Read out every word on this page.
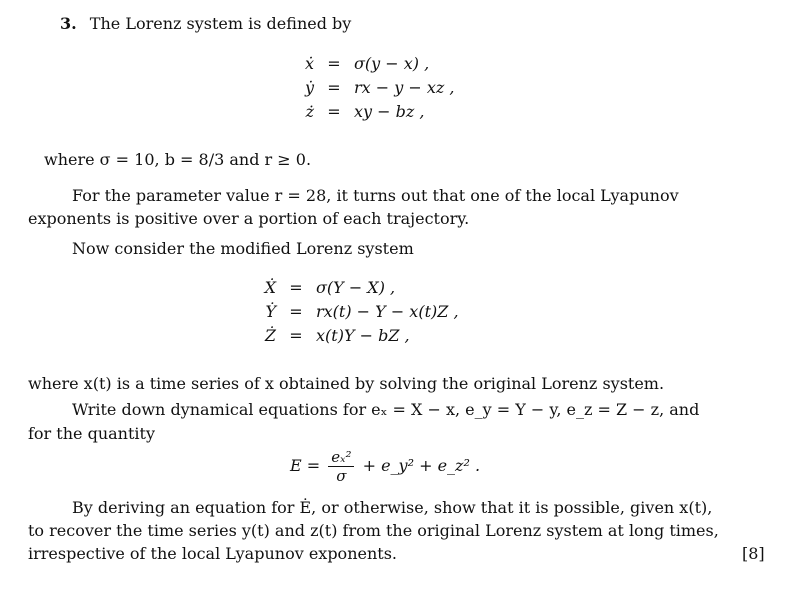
3. The Lorenz system is defined by
ẋ	=	σ(y − x) ,
ẏ	=	rx − y − xz ,
ż	=	xy − bz ,
where σ = 10, b = 8/3 and r ≥ 0.
For the parameter value r = 28, it turns out that one of the local Lyapunov
exponents is positive over a portion of each trajectory.
Now consider the modified Lorenz system
Ẋ	=	σ(Y − X) ,
Ẏ	=	rx(t) − Y − x(t)Z ,
Ż	=	x(t)Y − bZ ,
where x(t) is a time series of x obtained by solving the original Lorenz system.
Write down dynamical equations for eₓ = X − x, e_y = Y − y, e_z = Z − z, and
for the quantity
$E = \frac{\text{eₓ²}}{\sigma}$ + e_y² + e_z² .
By deriving an equation for Ė, or otherwise, show that it is possible, given x(t),
to recover the time series y(t) and z(t) from the original Lorenz system at long times,
irrespective of the local Lyapunov exponents.	[8]
